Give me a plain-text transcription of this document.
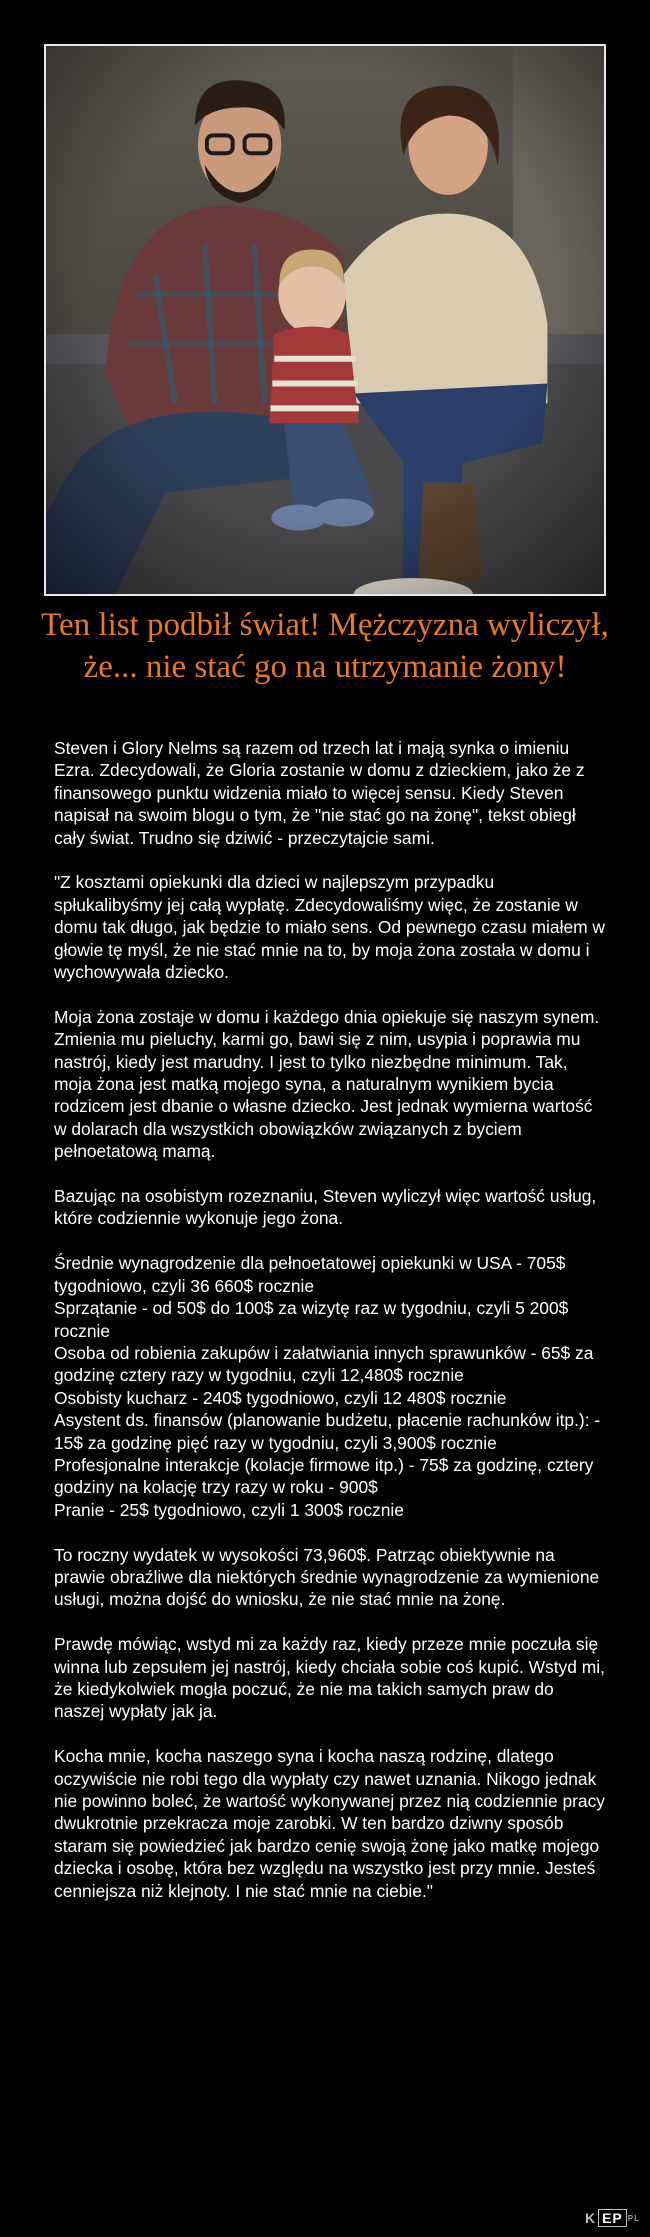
Ten list podbił świat! Mężczyzna wyliczył, że... nie stać go na utrzymanie żony!

Steven i Glory Nelms są razem od trzech lat i mają synka o imieniu Ezra. Zdecydowali, że Gloria zostanie w domu z dzieckiem, jako że z finansowego punktu widzenia miało to więcej sensu. Kiedy Steven napisał na swoim blogu o tym, że "nie stać go na żonę", tekst obiegł cały świat. Trudno się dziwić - przeczytajcie sami.

"Z kosztami opiekunki dla dzieci w najlepszym przypadku spłukalibyśmy jej całą wypłatę. Zdecydowaliśmy więc, że zostanie w domu tak długo, jak będzie to miało sens. Od pewnego czasu miałem w głowie tę myśl, że nie stać mnie na to, by moja żona została w domu i wychowywała dziecko.

Moja żona zostaje w domu i każdego dnia opiekuje się naszym synem. Zmienia mu pieluchy, karmi go, bawi się z nim, usypia i poprawia mu nastrój, kiedy jest marudny. I jest to tylko niezbędne minimum. Tak, moja żona jest matką mojego syna, a naturalnym wynikiem bycia rodzicem jest dbanie o własne dziecko. Jest jednak wymierna wartość w dolarach dla wszystkich obowiązków związanych z byciem pełnoetatową mamą.

Bazując na osobistym rozeznaniu, Steven wyliczył więc wartość usług, które codziennie wykonuje jego żona.

Średnie wynagrodzenie dla pełnoetatowej opiekunki w USA - 705$ tygodniowo, czyli 36 660$ rocznie
Sprzątanie - od 50$ do 100$ za wizytę raz w tygodniu, czyli 5 200$ rocznie
Osoba od robienia zakupów i załatwiania innych sprawunków - 65$ za godzinę cztery razy w tygodniu, czyli 12,480$ rocznie
Osobisty kucharz - 240$ tygodniowo, czyli 12 480$ rocznie
Asystent ds. finansów (planowanie budżetu, płacenie rachunków itp.): - 15$ za godzinę pięć razy w tygodniu, czyli 3,900$ rocznie
Profesjonalne interakcje (kolacje firmowe itp.) - 75$ za godzinę, cztery godziny na kolację trzy razy w roku - 900$
Pranie - 25$ tygodniowo, czyli 1 300$ rocznie

To roczny wydatek w wysokości 73,960$. Patrząc obiektywnie na prawie obraźliwe dla niektórych średnie wynagrodzenie za wymienione usługi, można dojść do wniosku, że nie stać mnie na żonę.

Prawdę mówiąc, wstyd mi za każdy raz, kiedy przeze mnie poczuła się winna lub zepsułem jej nastrój, kiedy chciała sobie coś kupić. Wstyd mi, że kiedykolwiek mogła poczuć, że nie ma takich samych praw do naszej wypłaty jak ja.

Kocha mnie, kocha naszego syna i kocha naszą rodzinę, dlatego oczywiście nie robi tego dla wypłaty czy nawet uznania. Nikogo jednak nie powinno boleć, że wartość wykonywanej przez nią codziennie pracy dwukrotnie przekracza moje zarobki. W ten bardzo dziwny sposób staram się powiedzieć jak bardzo cenię swoją żonę jako matkę mojego dziecka i osobę, która bez względu na wszystko jest przy mnie. Jesteś cenniejsza niż klejnoty. I nie stać mnie na ciebie."

K EP PL
